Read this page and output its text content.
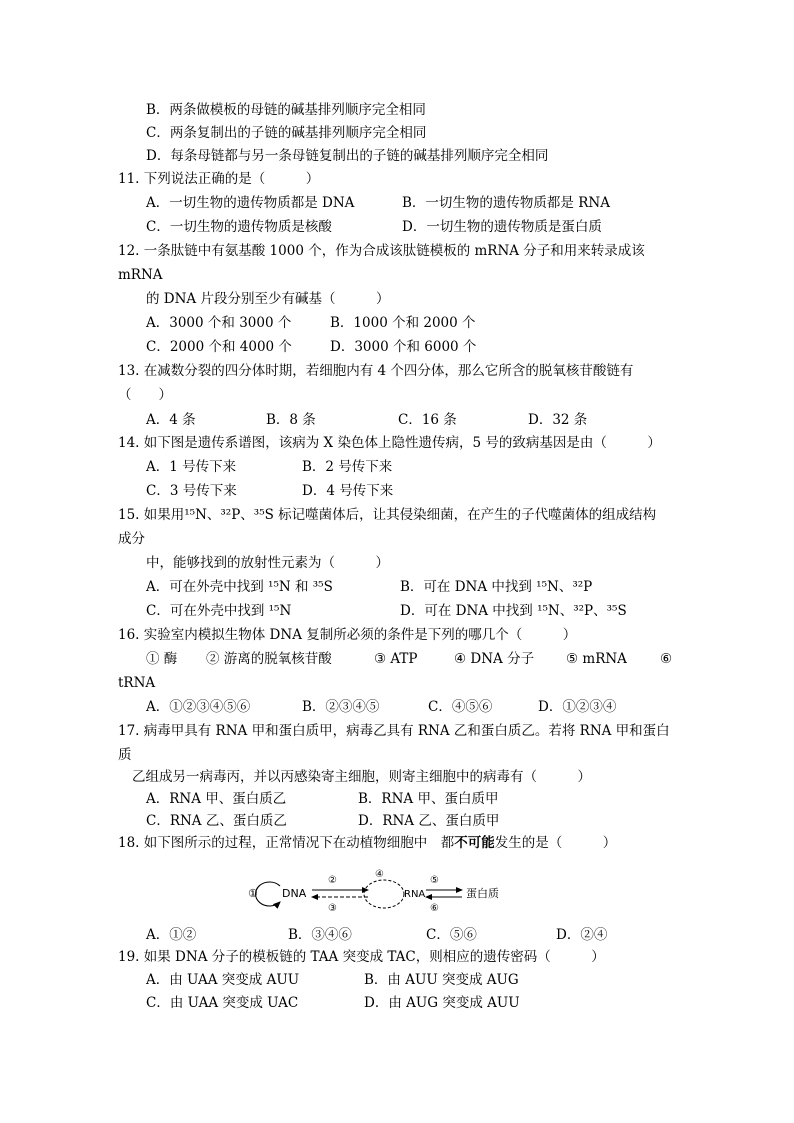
B．两条做模板的母链的碱基排列顺序完全相同
C．两条复制出的子链的碱基排列顺序完全相同
D．每条母链都与另一条母链复制出的子链的碱基排列顺序完全相同
11. 下列说法正确的是（　　　）
A．一切生物的遗传物质都是 DNA	B．一切生物的遗传物质都是 RNA
C．一切生物的遗传物质是核酸	D．一切生物的遗传物质是蛋白质
12. 一条肽链中有氨基酸 1000 个，作为合成该肽链模板的 mRNA 分子和用来转录成该
mRNA
的 DNA 片段分别至少有碱基（　　　）
A．3000 个和 3000 个	B．1000 个和 2000 个
C．2000 个和 4000 个	D．3000 个和 6000 个
13. 在减数分裂的四分体时期，若细胞内有 4 个四分体，那么它所含的脱氧核苷酸链有
（　　）
A．4 条	B．8 条	C．16 条	D．32 条
14. 如下图是遗传系谱图，该病为 X 染色体上隐性遗传病，5 号的致病基因是由（　　　）
A．1 号传下来	B．2 号传下来
C．3 号传下来	D．4 号传下来
15. 如果用¹⁵N、³²P、³⁵S 标记噬菌体后，让其侵染细菌，在产生的子代噬菌体的组成结构
成分
中，能够找到的放射性元素为（　　　）
A．可在外壳中找到 ¹⁵N 和 ³⁵S	B．可在 DNA 中找到 ¹⁵N、³²P
C．可在外壳中找到 ¹⁵N	D．可在 DNA 中找到 ¹⁵N、³²P、³⁵S
16. 实验室内模拟生物体 DNA 复制所必须的条件是下列的哪几个（　　　）
① 酶 ② 游离的脱氧核苷酸	③ ATP	④ DNA 分子 ⑤ mRNA ⑥
tRNA
A．①②③④⑤⑥	B．②③④⑤	C．④⑤⑥	D．①②③④
17. 病毒甲具有 RNA 甲和蛋白质甲，病毒乙具有 RNA 乙和蛋白质乙。若将 RNA 甲和蛋白
质
乙组成另一病毒丙，并以丙感染寄主细胞，则寄主细胞中的病毒有（　　　）
A．RNA 甲、蛋白质乙	B．RNA 甲、蛋白质甲
C．RNA 乙、蛋白质乙	D．RNA 乙、蛋白质甲
18. 如下图所示的过程，正常情况下在动植物细胞中　都不可能发生的是（　　　）
① DNA
②
③
④
RNA
⑤
⑥
蛋白质
A．①②	B．③④⑥	C．⑤⑥	D．②④
19. 如果 DNA 分子的模板链的 TAA 突变成 TAC，则相应的遗传密码（　　　）
A．由 UAA 突变成 AUU	B．由 AUU 突变成 AUG
C．由 UAA 突变成 UAC	D．由 AUG 突变成 AUU
